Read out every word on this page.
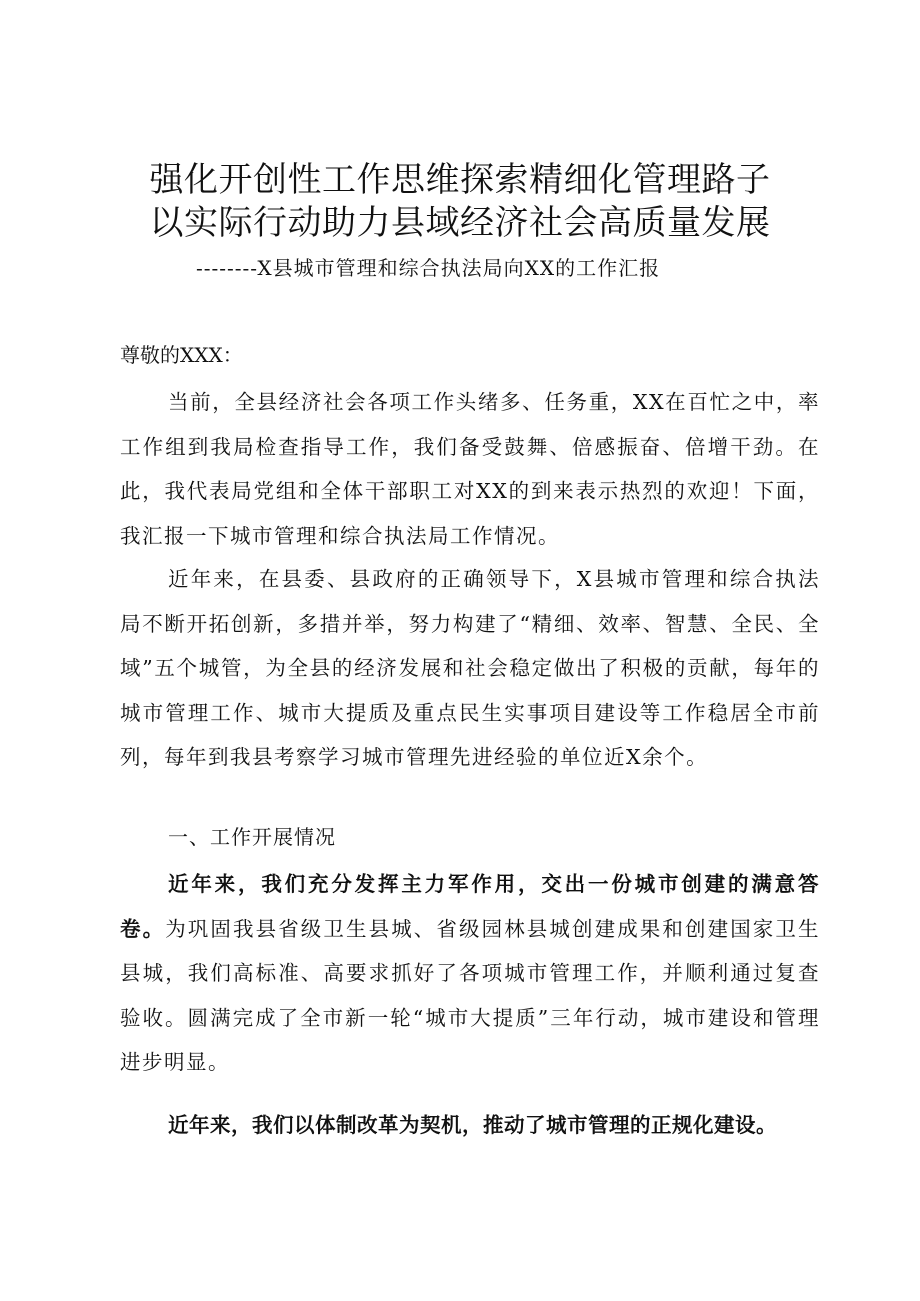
强化开创性工作思维探索精细化管理路子
以实际行动助力县域经济社会高质量发展
--------X县城市管理和综合执法局向XX的工作汇报
尊敬的XXX：

当前，全县经济社会各项工作头绪多、任务重，XX在百忙之中，率工作组到我局检查指导工作，我们备受鼓舞、倍感振奋、倍增干劲。在此，我代表局党组和全体干部职工对XX的到来表示热烈的欢迎！下面，我汇报一下城市管理和综合执法局工作情况。

近年来，在县委、县政府的正确领导下，X县城市管理和综合执法局不断开拓创新，多措并举，努力构建了“精细、效率、智慧、全民、全域”五个城管，为全县的经济发展和社会稳定做出了积极的贡献，每年的城市管理工作、城市大提质及重点民生实事项目建设等工作稳居全市前列，每年到我县考察学习城市管理先进经验的单位近X余个。

一、工作开展情况

近年来，我们充分发挥主力军作用，交出一份城市创建的满意答卷。为巩固我县省级卫生县城、省级园林县城创建成果和创建国家卫生县城，我们高标准、高要求抓好了各项城市管理工作，并顺利通过复查验收。圆满完成了全市新一轮“城市大提质”三年行动，城市建设和管理进步明显。

近年来，我们以体制改革为契机，推动了城市管理的正规化建设。
